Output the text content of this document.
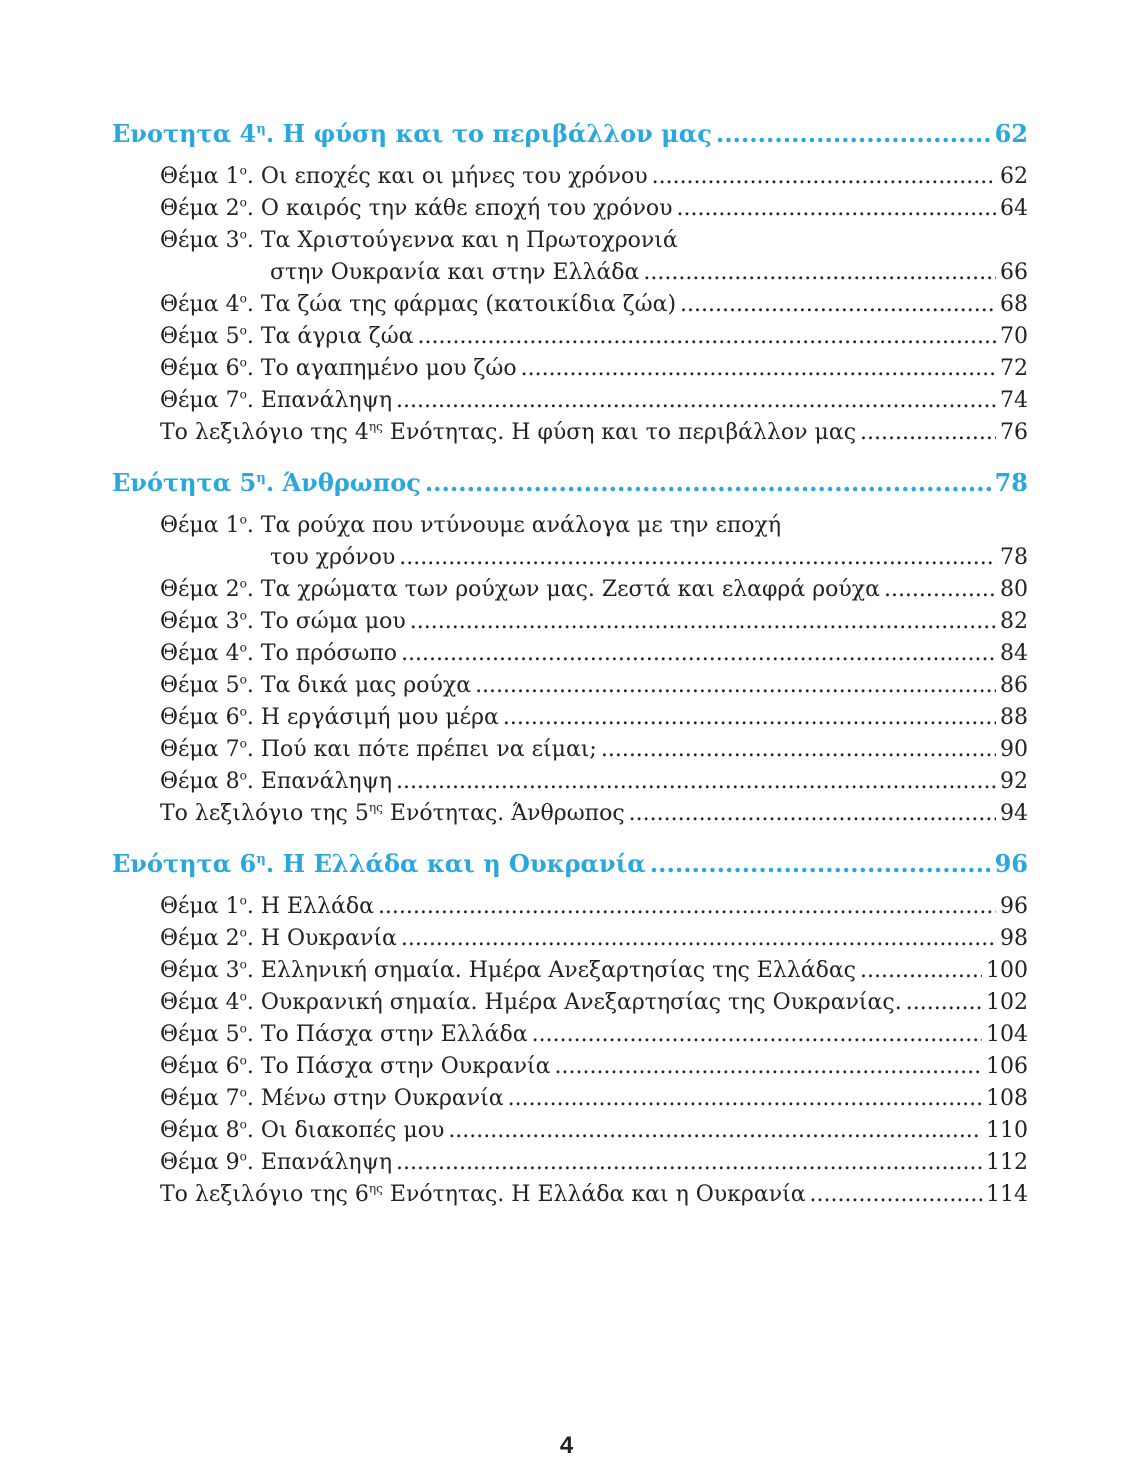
Ενοτητα $4^\eta$. Η φύση και το περιβάλλον μας .....	62
Θέμα $1^o$. Οι εποχές και οι μήνες του χρόνου .....	62
Θέμα $2^o$. Ο καιρός την κάθε εποχή του χρόνου .....	64
Θέμα $3^o$. Τα Χριστούγεννα και η Πρωτοχρονιά
στην Ουκρανία και στην Ελλάδα .....	66
Θέμα $4^o$. Τα ζώα της φάρμας (κατοικίδια ζώα) .....	68
Θέμα $5^o$. Τα άγρια ζώα .....	70
Θέμα $6^o$. Το αγαπημένο μου ζώο .....	72
Θέμα $7^o$. Επανάληψη .....	74
Το λεξιλόγιο της $4^{\eta\varsigma}$ Ενότητας. Η φύση και το περιβάλλον μας .....	76
Ενότητα $5^\eta$. Άνθρωπος .....	78
Θέμα $1^o$. Τα ρούχα που ντύνουμε ανάλογα με την εποχή
του χρόνου .....	78
Θέμα $2^o$. Τα χρώματα των ρούχων μας. Ζεστά και ελαφρά ρούχα .....	80
Θέμα $3^o$. Το σώμα μου .....	82
Θέμα $4^o$. Το πρόσωπο .....	84
Θέμα $5^o$. Τα δικά μας ρούχα .....	86
Θέμα $6^o$. Η εργάσιμή μου μέρα .....	88
Θέμα $7^o$. Πού και πότε πρέπει να είμαι; .....	90
Θέμα $8^o$. Επανάληψη .....	92
Το λεξιλόγιο της $5^{\eta\varsigma}$ Ενότητας. Άνθρωπος .....	94
Ενότητα $6^\eta$. Η Ελλάδα και η Ουκρανία .....	96
Θέμα $1^o$. Η Ελλάδα .....	96
Θέμα $2^o$. Η Ουκρανία .....	98
Θέμα $3^o$. Ελληνική σημαία. Ημέρα Ανεξαρτησίας της Ελλάδας .....	100
Θέμα $4^o$. Ουκρανική σημαία. Ημέρα Ανεξαρτησίας της Ουκρανίας. .....	102
Θέμα $5^o$. Το Πάσχα στην Ελλάδα .....	104
Θέμα $6^o$. Το Πάσχα στην Ουκρανία .....	106
Θέμα $7^o$. Μένω στην Ουκρανία .....	108
Θέμα $8^o$. Οι διακοπές μου .....	110
Θέμα $9^o$. Επανάληψη .....	112
Το λεξιλόγιο της $6^{\eta\varsigma}$ Ενότητας. Η Ελλάδα και η Ουκρανία .....	114
4
